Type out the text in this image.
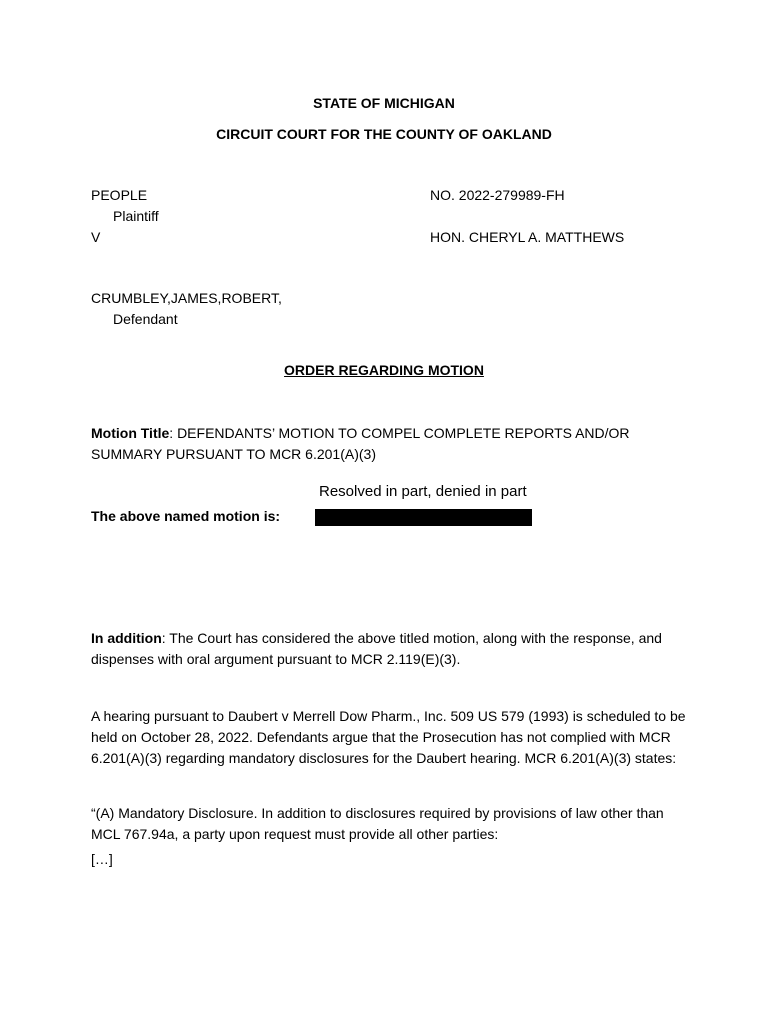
STATE OF MICHIGAN
CIRCUIT COURT FOR THE COUNTY OF OAKLAND
PEOPLE
Plaintiff
V
NO. 2022-279989-FH
HON. CHERYL A. MATTHEWS
CRUMBLEY,JAMES,ROBERT,
Defendant
ORDER REGARDING MOTION
Motion Title: DEFENDANTS’ MOTION TO COMPEL COMPLETE REPORTS AND/OR SUMMARY PURSUANT TO MCR 6.201(A)(3)
Resolved in part, denied in part
The above named motion is:
In addition: The Court has considered the above titled motion, along with the response, and dispenses with oral argument pursuant to MCR 2.119(E)(3).
A hearing pursuant to Daubert v Merrell Dow Pharm., Inc. 509 US 579 (1993) is scheduled to be held on October 28, 2022. Defendants argue that the Prosecution has not complied with MCR 6.201(A)(3) regarding mandatory disclosures for the Daubert hearing. MCR 6.201(A)(3) states:
“(A) Mandatory Disclosure. In addition to disclosures required by provisions of law other than MCL 767.94a, a party upon request must provide all other parties:
[…]
